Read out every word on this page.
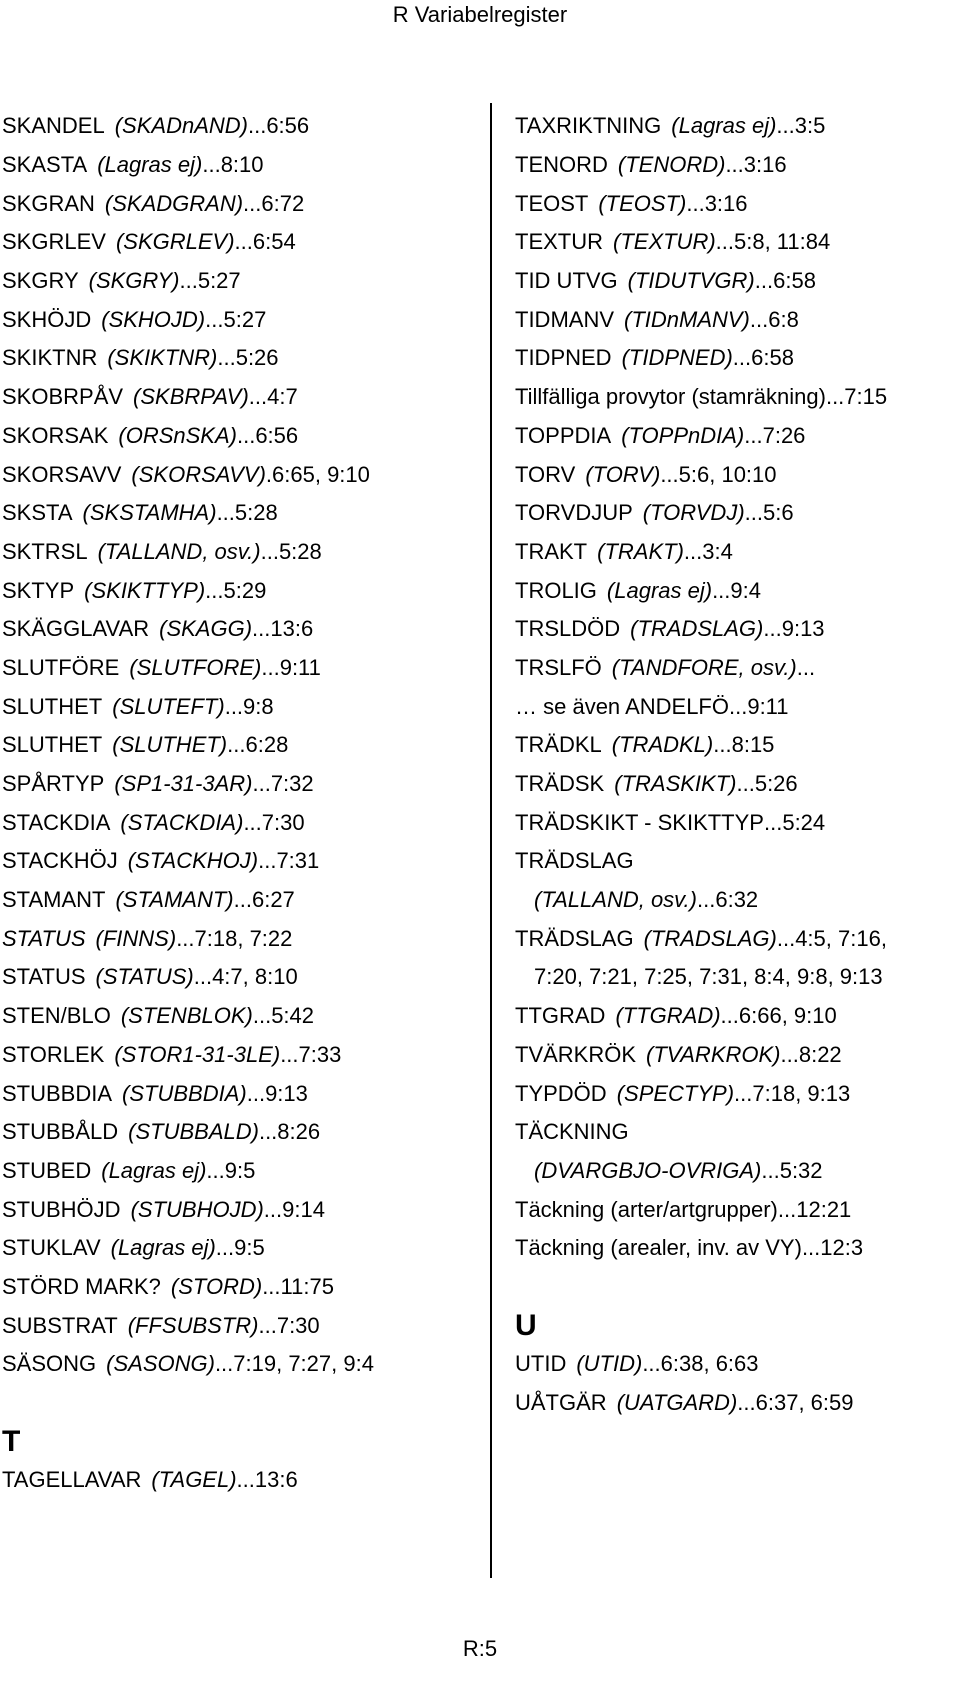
R Variabelregister
SKANDEL (SKADnAND) ... 6:56
SKASTA (Lagras ej) ... 8:10
SKGRAN (SKADGRAN) ... 6:72
SKGRLEV (SKGRLEV) ... 6:54
SKGRY (SKGRY) ... 5:27
SKHÖJD (SKHOJD) ... 5:27
SKIKTNR (SKIKTNR) ... 5:26
SKOBRPÅV (SKBRPAV) ... 4:7
SKORSAK (ORSnSKA) ... 6:56
SKORSAVV (SKORSAVV) . 6:65, 9:10
SKSTA (SKSTAMHA) ... 5:28
SKTRSL (TALLAND, osv.) ... 5:28
SKTYP (SKIKTTYP) ... 5:29
SKÄGGLAVAR (SKAGG) ... 13:6
SLUTFÖRE (SLUTFORE) ... 9:11
SLUTHET (SLUTEFT) ... 9:8
SLUTHET (SLUTHET) ... 6:28
SPÅRTYP (SP1-31-3AR) ... 7:32
STACKDIA (STACKDIA) ... 7:30
STACKHÖJ (STACKHOJ) ... 7:31
STAMANT (STAMANT) ... 6:27
STATUS (FINNS) ... 7:18, 7:22
STATUS (STATUS) ... 4:7, 8:10
STEN/BLO (STENBLOK) ... 5:42
STORLEK (STOR1-31-3LE) ... 7:33
STUBBDIA (STUBBDIA) ... 9:13
STUBBÅLD (STUBBALD) ... 8:26
STUBED (Lagras ej) ... 9:5
STUBHÖJD (STUBHOJD) ... 9:14
STUKLAV (Lagras ej) ... 9:5
STÖRD MARK? (STORD) ... 11:75
SUBSTRAT (FFSUBSTR) ... 7:30
SÄSONG (SASONG) ... 7:19, 7:27, 9:4
T
TAGELLAVAR (TAGEL) ... 13:6
TAXRIKTNING (Lagras ej) ... 3:5
TENORD (TENORD) ... 3:16
TEOST (TEOST) ... 3:16
TEXTUR (TEXTUR) ... 5:8, 11:84
TID UTVG (TIDUTVGR) ... 6:58
TIDMANV (TIDnMANV) ... 6:8
TIDPNED (TIDPNED) ... 6:58
Tillfälliga provytor (stamräkning) ... 7:15
TOPPDIA (TOPPnDIA) ... 7:26
TORV (TORV) ... 5:6, 10:10
TORVDJUP (TORVDJ) ... 5:6
TRAKT (TRAKT) ... 3:4
TROLIG (Lagras ej) ... 9:4
TRSLDÖD (TRADSLAG) ... 9:13
TRSLFÖ (TANDFORE, osv.) ...
… se även ANDELFÖ ... 9:11
TRÄDKL (TRADKL) ... 8:15
TRÄDSK (TRASKIKT) ... 5:26
TRÄDSKIKT - SKIKTTYP ... 5:24
TRÄDSLAG
(TALLAND, osv.) ... 6:32
TRÄDSLAG (TRADSLAG) ... 4:5, 7:16,
7:20, 7:21, 7:25, 7:31, 8:4, 9:8, 9:13
TTGRAD (TTGRAD) ... 6:66, 9:10
TVÄRKRÖK (TVARKROK) ... 8:22
TYPDÖD (SPECTYP) ... 7:18, 9:13
TÄCKNING
(DVARGBJO-OVRIGA) ... 5:32
Täckning (arter/artgrupper) ... 12:21
Täckning (arealer, inv. av VY) ... 12:3
U
UTID (UTID) ... 6:38, 6:63
UÅTGÄR (UATGARD) ... 6:37, 6:59
R:5
